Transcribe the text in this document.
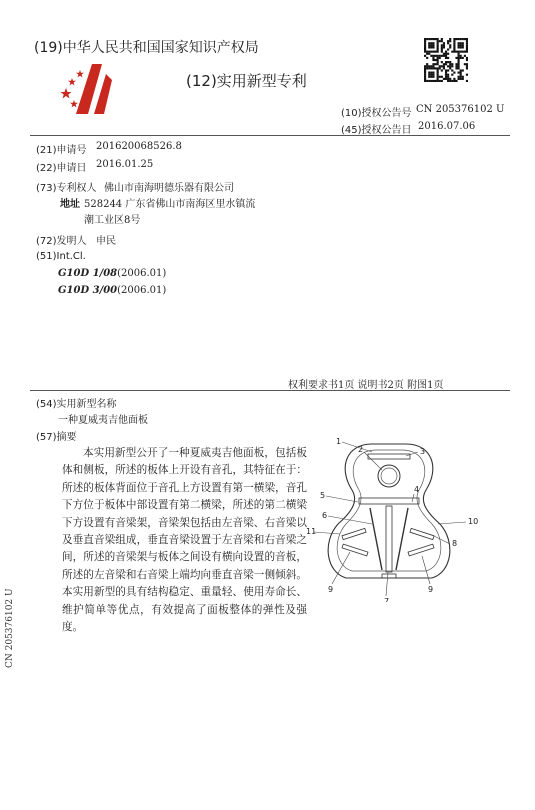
(19)中华人民共和国国家知识产权局
(12)实用新型专利
(10)授权公告号 CN 205376102 U
(45)授权公告日 2016.07.06
(21)申请号 201620068526.8
(22)申请日 2016.01.25
(73)专利权人 佛山市南海明德乐器有限公司
地址 528244 广东省佛山市南海区里水镇流
潮工业区8号
(72)发明人 申民
(51)Int.Cl.
G10D 1/08(2006.01)
G10D 3/00(2006.01)
权利要求书1页 说明书2页 附图1页
(54)实用新型名称
一种夏威夷吉他面板
(57)摘要
本实用新型公开了一种夏威夷吉他面板，包括板体和侧板，所述的板体上开设有音孔，其特征在于：所述的板体背面位于音孔上方设置有第一横梁，音孔下方位于板体中部设置有第二横梁，所述的第二横梁下方设置有音梁架，音梁架包括由左音梁、右音梁以及垂直音梁组成，垂直音梁设置于左音梁和右音梁之间，所述的音梁架与板体之间设有横向设置的音板，所述的左音梁和右音梁上端均向垂直音梁一侧倾斜。本实用新型的具有结构稳定、重量轻、使用寿命长、维护简单等优点，有效提高了面板整体的弹性及强度。
1
2	3
4
5
6
7
8
9	9
10
11
CN 205376102 U
